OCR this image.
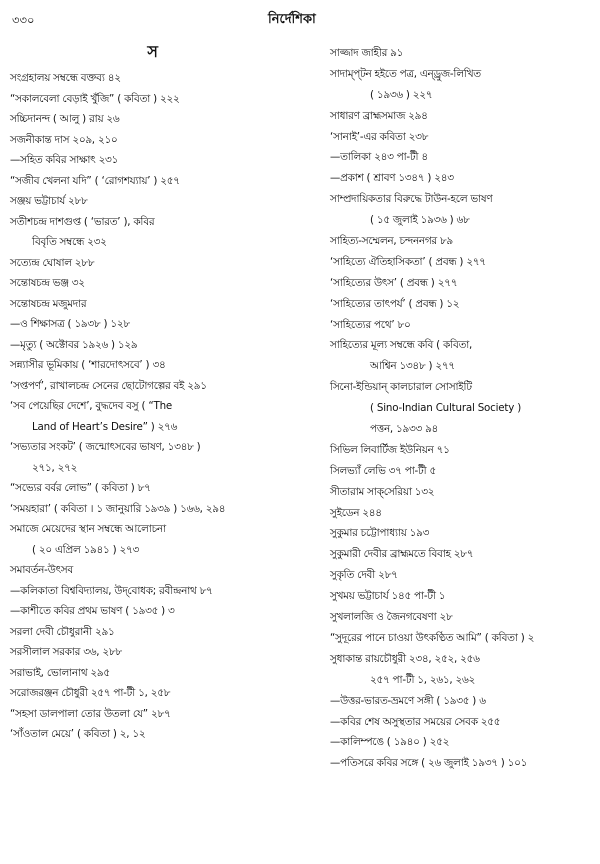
৩৩০	নির্দেশিকা
স
সংগ্রহালয় সম্বন্ধে বক্তব্য ৪২
“সকালবেলা বেড়াই খুঁজি” ( কবিতা ) ২২২
সচ্চিদানন্দ ( আলু ) রায় ২৬
সজনীকান্ত দাস ২০৯, ২১০
—সহিত কবির সাক্ষাৎ ২৩১
“সজীব খেলনা যদি” ( ‘রোগশয্যায়’ ) ২৫৭
সঞ্জয় ভট্টাচার্য ২৮৮
সতীশচন্দ্র দাশগুপ্ত ( ‘ভারত’ ), কবির
বিবৃতি সম্বন্ধে ২৩২
সত্যেন্দ্র ঘোষাল ২৮৮
সন্তোষচন্দ্র ভঞ্জ ৩২
সন্তোষচন্দ্র মজুমদার
—ও শিক্ষাসত্র ( ১৯৩৮ ) ১২৮
—মৃত্যু ( অক্টোবর ১৯২৬ ) ১২৯
সন্ন্যাসীর ভূমিকায় ( ‘শারদোৎসবে’ ) ৩৪
‘সপ্তপর্ণ’, রাখালচন্দ্র সেনের ছোটোগল্পের বই ২৯১
‘সব পেয়েছির দেশে’, বুদ্ধদেব বসু ( “The
Land of Heart’s Desire” ) ২৭৬
‘সভ্যতার সংকট’ ( জন্মোৎসবের ভাষণ, ১৩৪৮ )
২৭১, ২৭২
“সভ্যের বর্বর লোভ” ( কবিতা ) ৮৭
‘সময়হারা’ ( কবিতা । ১ জানুয়ারি ১৯৩৯ ) ১৬৬, ২৯৪
সমাজে মেয়েদের স্থান সম্বন্ধে আলোচনা
( ২০ এপ্রিল ১৯৪১ ) ২৭৩
সমাবর্তন-উৎসব
—কলিকাতা বিশ্ববিদ্যালয়, উদ্‌বোধক; রবীন্দ্রনাথ ৮৭
—কাশীতে কবির প্রথম ভাষণ ( ১৯৩৫ ) ৩
সরলা দেবী চৌধুরানী ২৯১
সরসীলাল সরকার ৩৬, ২৮৮
সরাভাই, ভোলানাথ ২৯৫
সরোজরঞ্জন চৌধুরী ২৫৭ পা-টী ১, ২৫৮
“সহসা ডালপালা তোর উতলা যে” ২৮৭
‘সাঁওতাল মেয়ে’ ( কবিতা ) ২, ১২
সাজ্জাদ জাহীর ৯১
সাদাম্প্‌টন হইতে পত্র, এন্‌ড্রুজ-লিখিত
( ১৯৩৬ ) ২২৭
সাধারণ ব্রাহ্মসমাজ ২৯৪
‘সানাই’-এর কবিতা ২৩৮
—তালিকা ২৪৩ পা-টী ৪
—প্রকাশ ( শ্রাবণ ১৩৪৭ ) ২৪৩
সাম্প্রদায়িকতার বিরুদ্ধে টাউন-হলে ভাষণ
( ১৫ জুলাই ১৯৩৬ ) ৬৮
সাহিত্য-সম্মেলন, চন্দননগর ৮৯
‘সাহিত্যে ঐতিহাসিকতা’ ( প্রবন্ধ ) ২৭৭
‘সাহিত্যের উৎস’ ( প্রবন্ধ ) ২৭৭
‘সাহিত্যের তাৎপর্য’ ( প্রবন্ধ ) ১২
‘সাহিত্যের পথে’ ৮০
সাহিত্যের মূল্য সম্বন্ধে কবি ( কবিতা,
আশ্বিন ১৩৪৮ ) ২৭৭
সিনো-ইন্ডিয়ান্ কালচারাল সোসাইটি
( Sino-Indian Cultural Society )
পত্তন, ১৯৩৩ ৯৪
সিভিল লিবার্টিজ ইউনিয়ন ৭১
সিলভ্যাঁ লেভি ৩৭ পা-টী ৫
সীতারাম সাক্‌সেরিয়া ১৩২
সুইডেন ২৪৪
সুকুমার চট্টোপাধ্যায় ১৯৩
সুকুমারী দেবীর ব্রাহ্মমতে বিবাহ ২৮৭
সুকৃতি দেবী ২৮৭
সুখময় ভট্টাচার্য ১৪৫ পা-টী ১
সুখলালজি ও জৈনগবেষণা ২৮
“সুদূরের পানে চাওয়া উৎকণ্ঠিত আমি” ( কবিতা ) ২
সুধাকান্ত রায়চৌধুরী ২৩৪, ২৫২, ২৫৬
২৫৭ পা-টী ১, ২৬১, ২৬২
—উত্তর-ভারত-ভ্রমণে সঙ্গী ( ১৯৩৫ ) ৬
—কবির শেষ অসুস্থতার সময়ের সেবক ২৫৫
—কালিম্পঙে ( ১৯৪০ ) ২৫২
—পতিসরে কবির সঙ্গে ( ২৬ জুলাই ১৯৩৭ ) ১০১
